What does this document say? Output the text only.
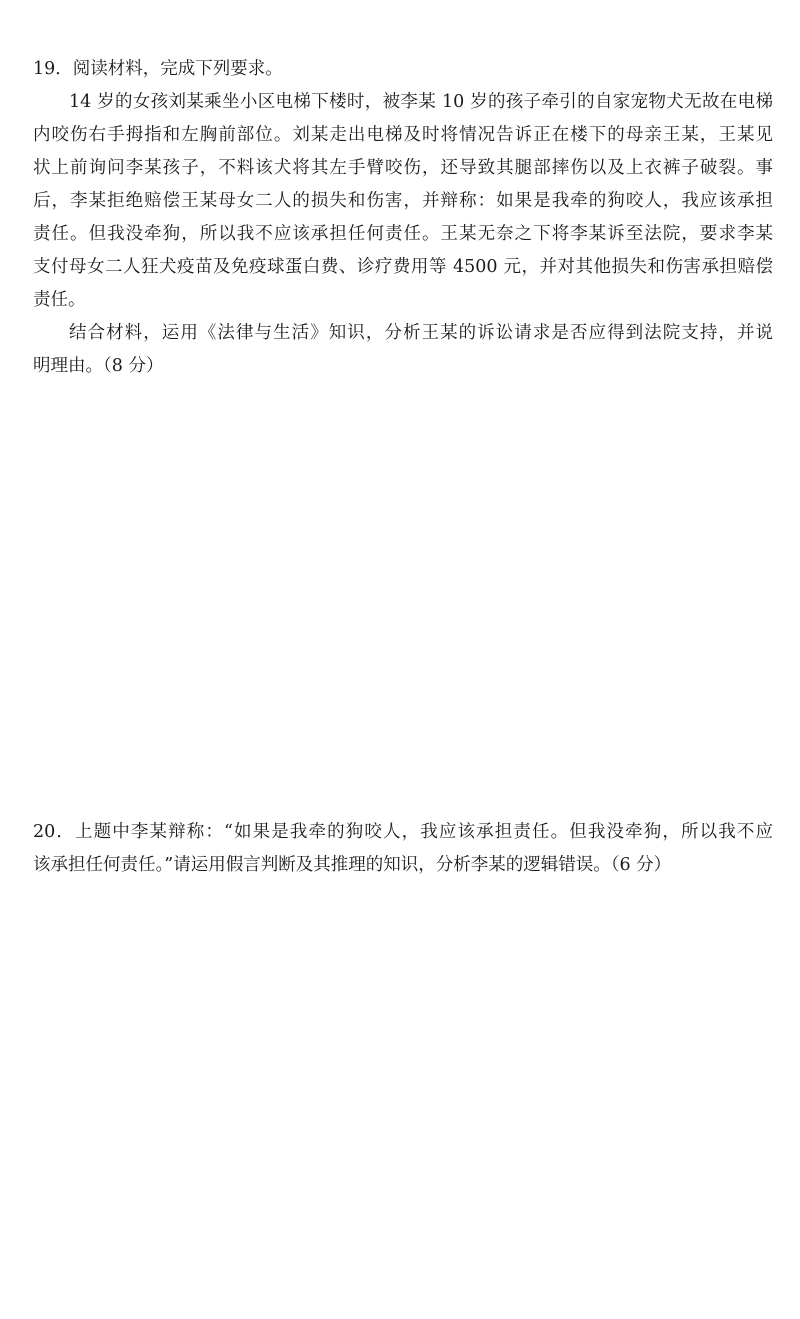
19．阅读材料，完成下列要求。
14 岁的女孩刘某乘坐小区电梯下楼时，被李某 10 岁的孩子牵引的自家宠物犬无故在电梯
内咬伤右手拇指和左胸前部位。刘某走出电梯及时将情况告诉正在楼下的母亲王某，王某见
状上前询问李某孩子，不料该犬将其左手臂咬伤，还导致其腿部摔伤以及上衣裤子破裂。事
后，李某拒绝赔偿王某母女二人的损失和伤害，并辩称：如果是我牵的狗咬人，我应该承担
责任。但我没牵狗，所以我不应该承担任何责任。王某无奈之下将李某诉至法院，要求李某
支付母女二人狂犬疫苗及免疫球蛋白费、诊疗费用等 4500 元，并对其他损失和伤害承担赔偿
责任。
结合材料，运用《法律与生活》知识，分析王某的诉讼请求是否应得到法院支持，并说
明理由。（8 分）
20．上题中李某辩称：“如果是我牵的狗咬人，我应该承担责任。但我没牵狗，所以我不应
该承担任何责任。”请运用假言判断及其推理的知识，分析李某的逻辑错误。（6 分）
